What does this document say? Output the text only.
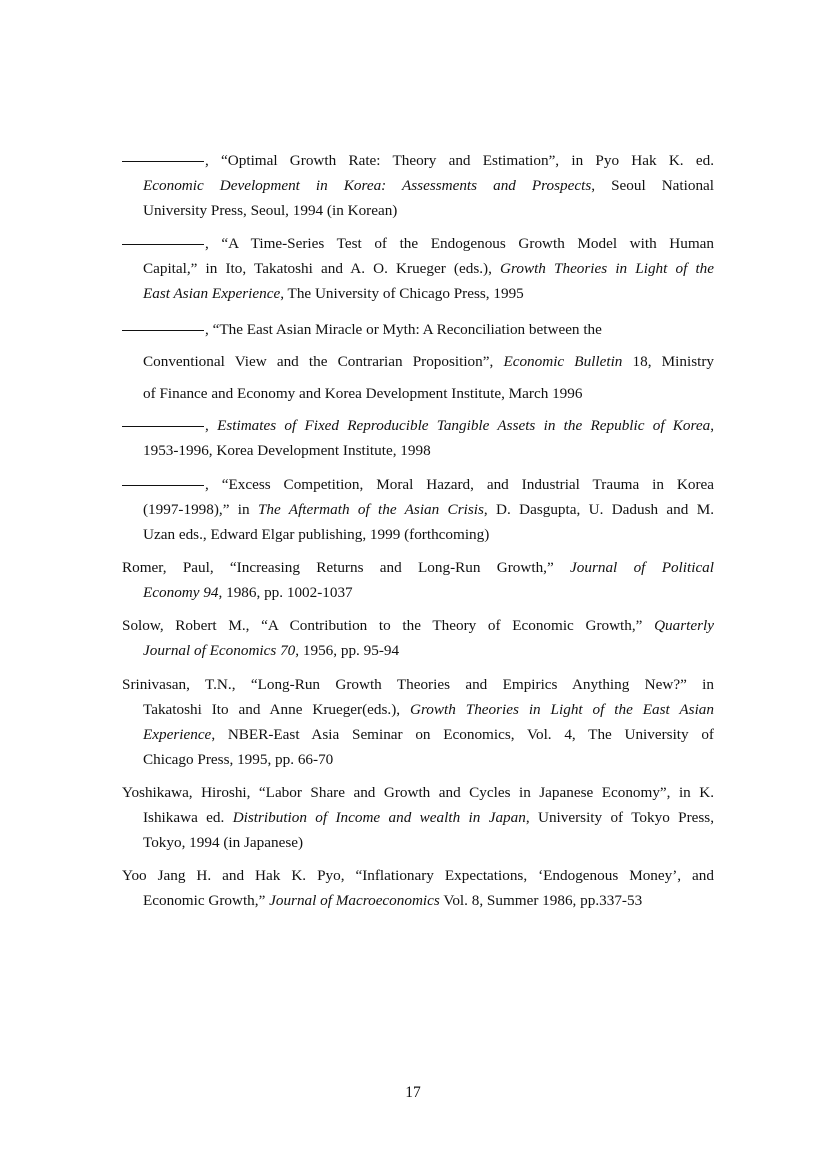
, “Optimal Growth Rate: Theory and Estimation”, in Pyo Hak K. ed.
Economic Development in Korea: Assessments and Prospects, Seoul National
University Press, Seoul, 1994 (in Korean)
, “A Time-Series Test of the Endogenous Growth Model with Human
Capital,” in Ito, Takatoshi and A. O. Krueger (eds.), Growth Theories in Light of the
East Asian Experience, The University of Chicago Press, 1995
, “The East Asian Miracle or Myth: A Reconciliation between the
Conventional View and the Contrarian Proposition”, Economic Bulletin 18, Ministry
of Finance and Economy and Korea Development Institute, March 1996
, Estimates of Fixed Reproducible Tangible Assets in the Republic of Korea,
1953-1996, Korea Development Institute, 1998
, “Excess Competition, Moral Hazard, and Industrial Trauma in Korea
(1997-1998),” in The Aftermath of the Asian Crisis, D. Dasgupta, U. Dadush and M.
Uzan eds., Edward Elgar publishing, 1999 (forthcoming)
Romer, Paul, “Increasing Returns and Long-Run Growth,” Journal of Political
Economy 94, 1986, pp. 1002-1037
Solow, Robert M., “A Contribution to the Theory of Economic Growth,” Quarterly
Journal of Economics 70, 1956, pp. 95-94
Srinivasan, T.N., “Long-Run Growth Theories and Empirics Anything New?” in
Takatoshi Ito and Anne Krueger(eds.), Growth Theories in Light of the East Asian
Experience, NBER-East Asia Seminar on Economics, Vol. 4, The University of
Chicago Press, 1995, pp. 66-70
Yoshikawa, Hiroshi, “Labor Share and Growth and Cycles in Japanese Economy”, in K.
Ishikawa ed. Distribution of Income and wealth in Japan, University of Tokyo Press,
Tokyo, 1994 (in Japanese)
Yoo Jang H. and Hak K. Pyo, “Inflationary Expectations, ‘Endogenous Money’, and
Economic Growth,” Journal of Macroeconomics Vol. 8, Summer 1986, pp.337-53
17
